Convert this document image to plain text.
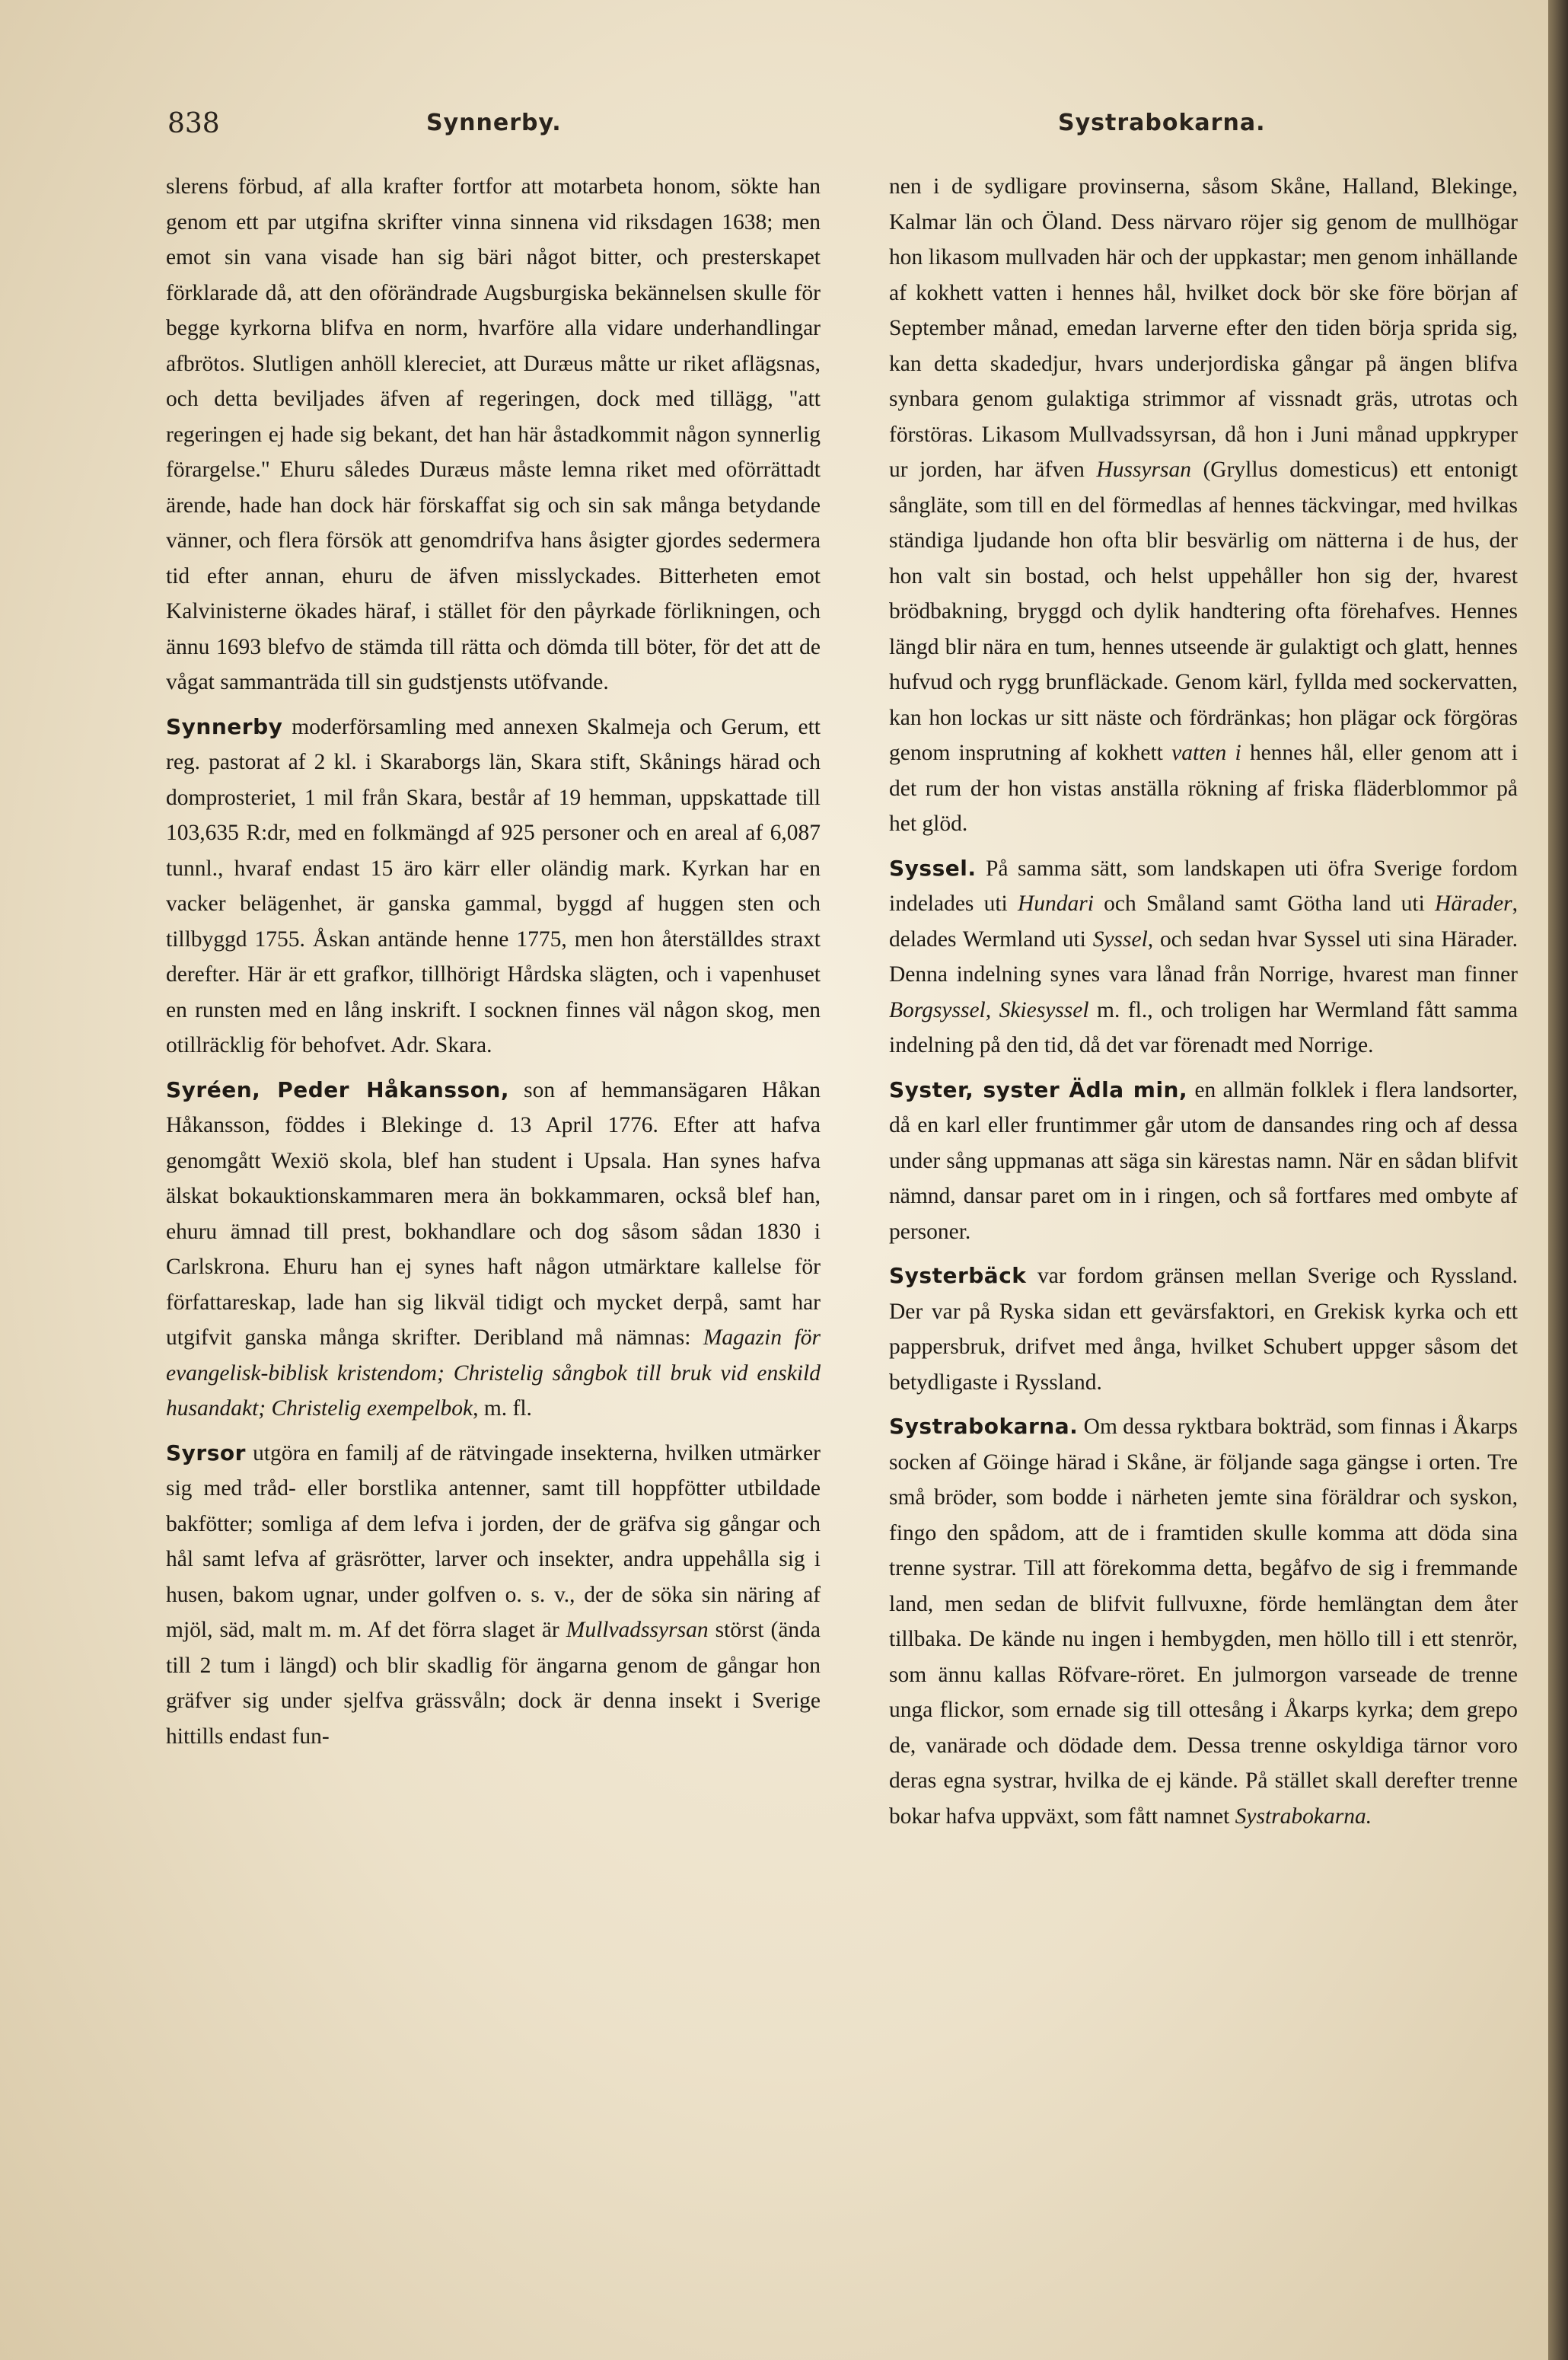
838	Synnerby.	Systrabokarna.

slerens förbud, af alla krafter fortfor att motarbeta honom, sökte han genom ett par utgifna skrifter vinna sinnena vid riksdagen 1638; men emot sin vana visade han sig bäri något bitter, och presterskapet förklarade då, att den oförändrade Augsburgiska bekännelsen skulle för begge kyrkorna blifva en norm, hvarföre alla vidare underhandlingar afbrötos. Slutligen anhöll klereciet, att Duræus måtte ur riket aflägsnas, och detta beviljades äfven af regeringen, dock med tillägg, "att regeringen ej hade sig bekant, det han här åstadkommit någon synnerlig förargelse." Ehuru således Duræus måste lemna riket med oförrättadt ärende, hade han dock här förskaffat sig och sin sak många betydande vänner, och flera försök att genomdrifva hans åsigter gjordes sedermera tid efter annan, ehuru de äfven misslyckades. Bitterheten emot Kalvinisterne ökades häraf, i stället för den påyrkade förlikningen, och ännu 1693 blefvo de stämda till rätta och dömda till böter, för det att de vågat sammanträda till sin gudstjensts utöfvande.

Synnerby moderförsamling med annexen Skalmeja och Gerum, ett reg. pastorat af 2 kl. i Skaraborgs län, Skara stift, Skånings härad och domprosteriet, 1 mil från Skara, består af 19 hemman, uppskattade till 103,635 R:dr, med en folkmängd af 925 personer och en areal af 6,087 tunnl., hvaraf endast 15 äro kärr eller oländig mark. Kyrkan har en vacker belägenhet, är ganska gammal, byggd af huggen sten och tillbyggd 1755. Åskan antände henne 1775, men hon återställdes straxt derefter. Här är ett grafkor, tillhörigt Hårdska slägten, och i vapenhuset en runsten med en lång inskrift. I socknen finnes väl någon skog, men otillräcklig för behofvet. Adr. Skara.

Syréen, Peder Håkansson, son af hemmansägaren Håkan Håkansson, föddes i Blekinge d. 13 April 1776. Efter att hafva genomgått Wexiö skola, blef han student i Upsala. Han synes hafva älskat bokauktionskammaren mera än bokkammaren, också blef han, ehuru ämnad till prest, bokhandlare och dog såsom sådan 1830 i Carlskrona. Ehuru han ej synes haft någon utmärktare kallelse för författareskap, lade han sig likväl tidigt och mycket derpå, samt har utgifvit ganska många skrifter. Deribland må nämnas: Magazin för evangelisk-biblisk kristendom; Christelig sångbok till bruk vid enskild husandakt; Christelig exempelbok, m. fl.

Syrsor utgöra en familj af de rätvingade insekterna, hvilken utmärker sig med tråd- eller borstlika antenner, samt till hoppfötter utbildade bakfötter; somliga af dem lefva i jorden, der de gräfva sig gångar och hål samt lefva af gräsrötter, larver och insekter, andra uppehålla sig i husen, bakom ugnar, under golfven o. s. v., der de söka sin näring af mjöl, säd, malt m. m. Af det förra slaget är Mullvadssyrsan störst (ända till 2 tum i längd) och blir skadlig för ängarna genom de gångar hon gräfver sig under sjelfva grässvåln; dock är denna insekt i Sverige hittills endast fun-

nen i de sydligare provinserna, såsom Skåne, Halland, Blekinge, Kalmar län och Öland. Dess närvaro röjer sig genom de mullhögar hon likasom mullvaden här och der uppkastar; men genom inhällande af kokhett vatten i hennes hål, hvilket dock bör ske före början af September månad, emedan larverne efter den tiden börja sprida sig, kan detta skadedjur, hvars underjordiska gångar på ängen blifva synbara genom gulaktiga strimmor af vissnadt gräs, utrotas och förstöras. Likasom Mullvadssyrsan, då hon i Juni månad uppkryper ur jorden, har äfven Hussyrsan (Gryllus domesticus) ett entonigt sångläte, som till en del förmedlas af hennes täckvingar, med hvilkas ständiga ljudande hon ofta blir besvärlig om nätterna i de hus, der hon valt sin bostad, och helst uppehåller hon sig der, hvarest brödbakning, bryggd och dylik handtering ofta förehafves. Hennes längd blir nära en tum, hennes utseende är gulaktigt och glatt, hennes hufvud och rygg brunfläckade. Genom kärl, fyllda med sockervatten, kan hon lockas ur sitt näste och fördränkas; hon plägar ock förgöras genom insprutning af kokhett vatten i hennes hål, eller genom att i det rum der hon vistas anställa rökning af friska fläderblommor på het glöd.

Syssel. På samma sätt, som landskapen uti öfra Sverige fordom indelades uti Hundari och Småland samt Götha land uti Härader, delades Wermland uti Syssel, och sedan hvar Syssel uti sina Härader. Denna indelning synes vara lånad från Norrige, hvarest man finner Borgsyssel, Skiesyssel m. fl., och troligen har Wermland fått samma indelning på den tid, då det var förenadt med Norrige.

Syster, syster Ädla min, en allmän folklek i flera landsorter, då en karl eller fruntimmer går utom de dansandes ring och af dessa under sång uppmanas att säga sin kärestas namn. När en sådan blifvit nämnd, dansar paret om in i ringen, och så fortfares med ombyte af personer.

Systerbäck var fordom gränsen mellan Sverige och Ryssland. Der var på Ryska sidan ett gevärsfaktori, en Grekisk kyrka och ett pappersbruk, drifvet med ånga, hvilket Schubert uppger såsom det betydligaste i Ryssland.

Systrabokarna. Om dessa ryktbara bokträd, som finnas i Åkarps socken af Göinge härad i Skåne, är följande saga gängse i orten. Tre små bröder, som bodde i närheten jemte sina föräldrar och syskon, fingo den spådom, att de i framtiden skulle komma att döda sina trenne systrar. Till att förekomma detta, begåfvo de sig i fremmande land, men sedan de blifvit fullvuxne, förde hemlängtan dem åter tillbaka. De kände nu ingen i hembygden, men höllo till i ett stenrör, som ännu kallas Röfvare-röret. En julmorgon varseade de trenne unga flickor, som ernade sig till ottesång i Åkarps kyrka; dem grepo de, vanärade och dödade dem. Dessa trenne oskyldiga tärnor voro deras egna systrar, hvilka de ej kände. På stället skall derefter trenne bokar hafva uppväxt, som fått namnet Systrabokarna.
